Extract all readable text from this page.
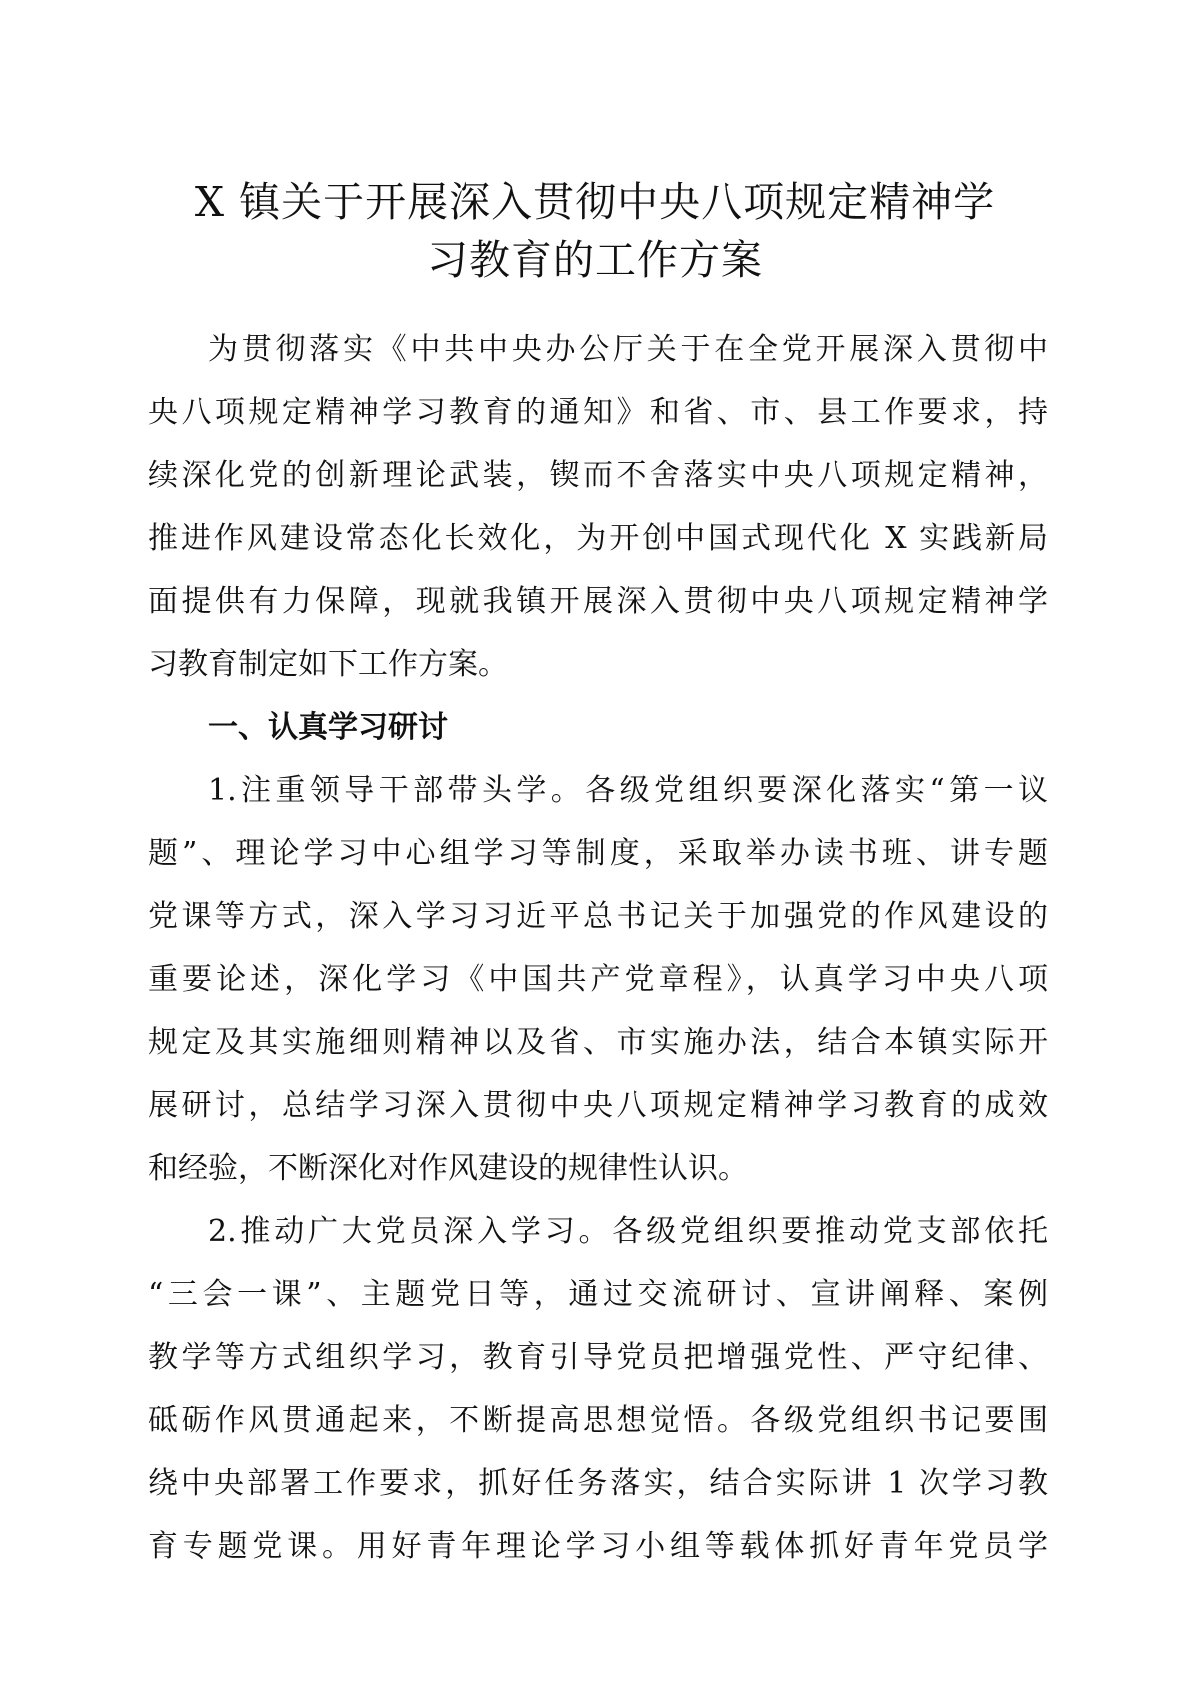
X 镇关于开展深入贯彻中央八项规定精神学
习教育的工作方案
为贯彻落实《中共中央办公厅关于在全党开展深入贯彻中
央八项规定精神学习教育的通知》和省、市、县工作要求，持
续深化党的创新理论武装，锲而不舍落实中央八项规定精神，
推进作风建设常态化长效化，为开创中国式现代化 X 实践新局
面提供有力保障，现就我镇开展深入贯彻中央八项规定精神学
习教育制定如下工作方案。
一、认真学习研讨
1.注重领导干部带头学。各级党组织要深化落实“第一议
题”、理论学习中心组学习等制度，采取举办读书班、讲专题
党课等方式，深入学习习近平总书记关于加强党的作风建设的
重要论述，深化学习《中国共产党章程》，认真学习中央八项
规定及其实施细则精神以及省、市实施办法，结合本镇实际开
展研讨，总结学习深入贯彻中央八项规定精神学习教育的成效
和经验，不断深化对作风建设的规律性认识。
2.推动广大党员深入学习。各级党组织要推动党支部依托
“三会一课”、主题党日等，通过交流研讨、宣讲阐释、案例
教学等方式组织学习，教育引导党员把增强党性、严守纪律、
砥砺作风贯通起来，不断提高思想觉悟。各级党组织书记要围
绕中央部署工作要求，抓好任务落实，结合实际讲 1 次学习教
育专题党课。用好青年理论学习小组等载体抓好青年党员学
